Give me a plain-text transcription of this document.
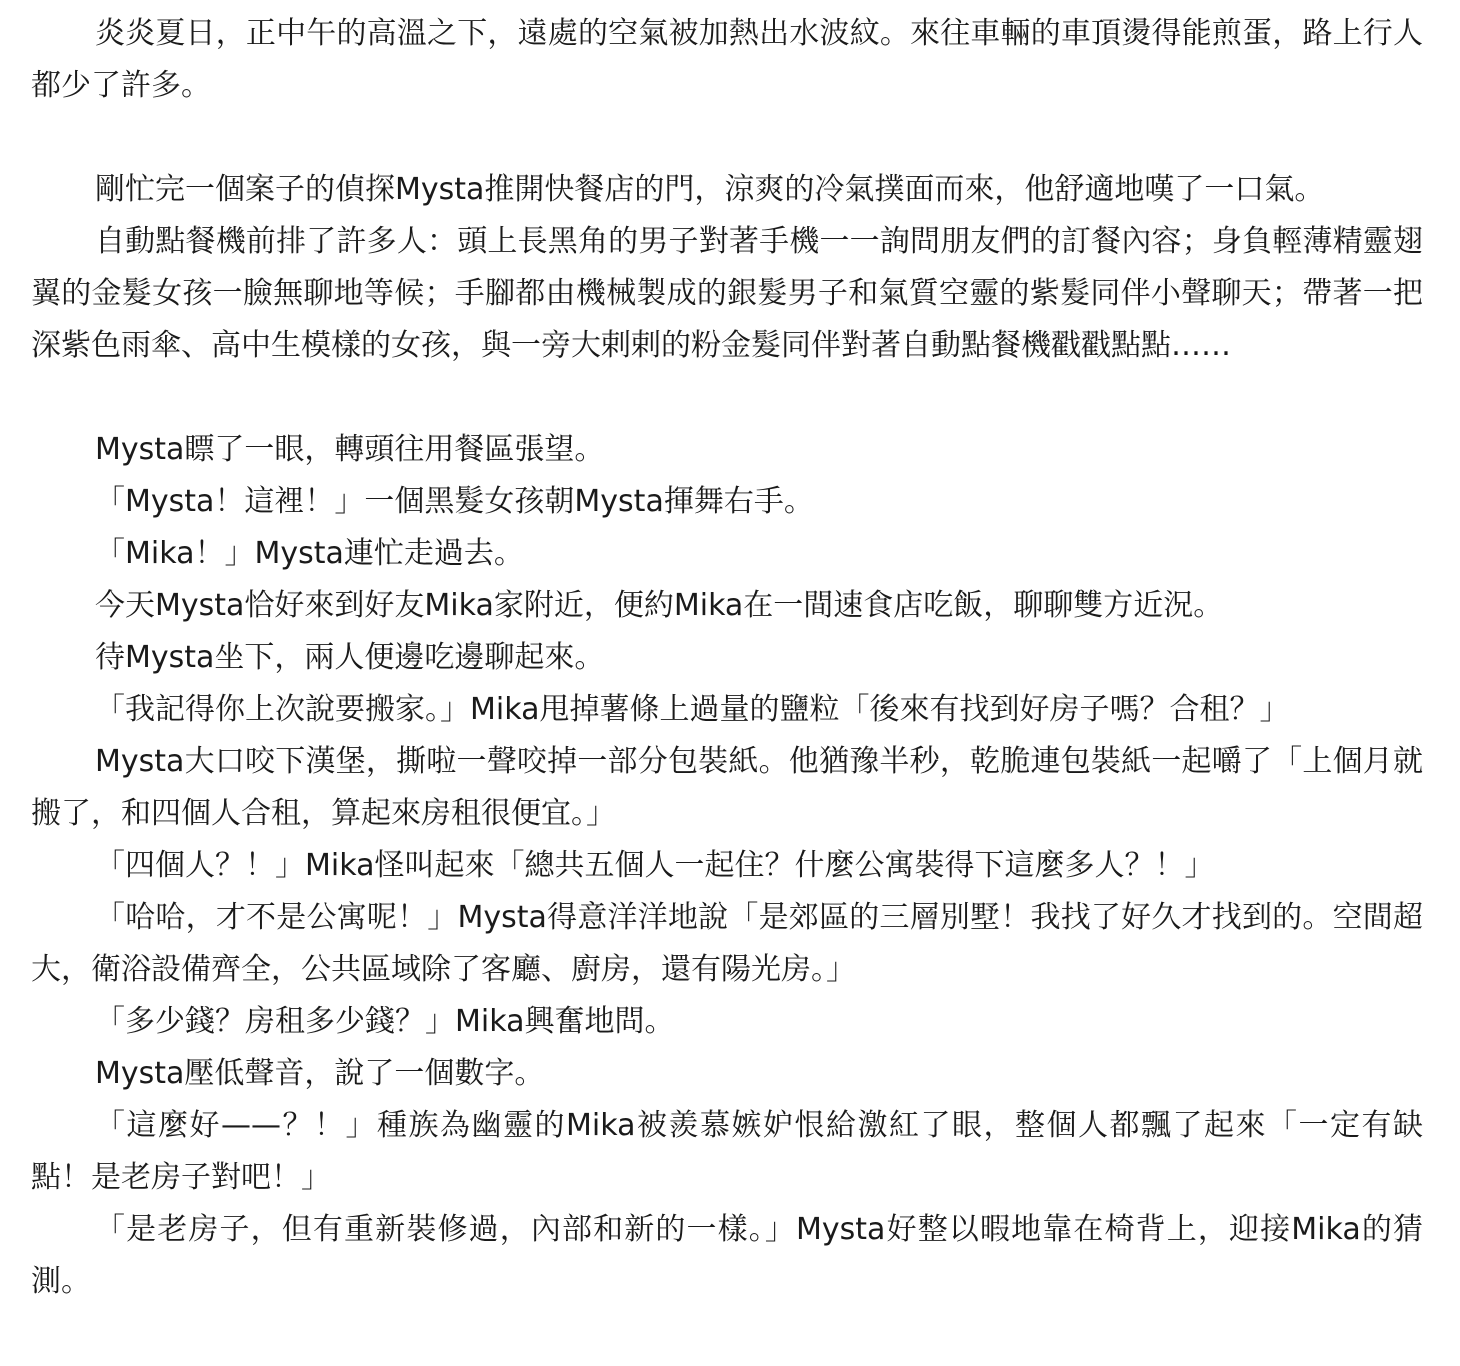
炎炎夏日，正中午的高溫之下，遠處的空氣被加熱出水波紋。來往車輛的車頂燙得能煎蛋，路上行人都少了許多。

剛忙完一個案子的偵探Mysta推開快餐店的門，涼爽的冷氣撲面而來，他舒適地嘆了一口氣。

自動點餐機前排了許多人：頭上長黑角的男子對著手機一一詢問朋友們的訂餐內容；身負輕薄精靈翅翼的金髮女孩一臉無聊地等候；手腳都由機械製成的銀髮男子和氣質空靈的紫髮同伴小聲聊天；帶著一把深紫色雨傘、高中生模樣的女孩，與一旁大剌剌的粉金髮同伴對著自動點餐機戳戳點點……

Mysta瞟了一眼，轉頭往用餐區張望。

「Mysta！這裡！」一個黑髮女孩朝Mysta揮舞右手。

「Mika！」Mysta連忙走過去。

今天Mysta恰好來到好友Mika家附近，便約Mika在一間速食店吃飯，聊聊雙方近況。

待Mysta坐下，兩人便邊吃邊聊起來。

「我記得你上次說要搬家。」Mika甩掉薯條上過量的鹽粒「後來有找到好房子嗎？合租？」

Mysta大口咬下漢堡，撕啦一聲咬掉一部分包裝紙。他猶豫半秒，乾脆連包裝紙一起嚼了「上個月就搬了，和四個人合租，算起來房租很便宜。」

「四個人？！」Mika怪叫起來「總共五個人一起住？什麼公寓裝得下這麼多人？！」

「哈哈，才不是公寓呢！」Mysta得意洋洋地說「是郊區的三層別墅！我找了好久才找到的。空間超大，衛浴設備齊全，公共區域除了客廳、廚房，還有陽光房。」

「多少錢？房租多少錢？」Mika興奮地問。

Mysta壓低聲音，說了一個數字。

「這麼好——？！」種族為幽靈的Mika被羨慕嫉妒恨給激紅了眼，整個人都飄了起來「一定有缺點！是老房子對吧！」

「是老房子，但有重新裝修過，內部和新的一樣。」Mysta好整以暇地靠在椅背上，迎接Mika的猜測。
